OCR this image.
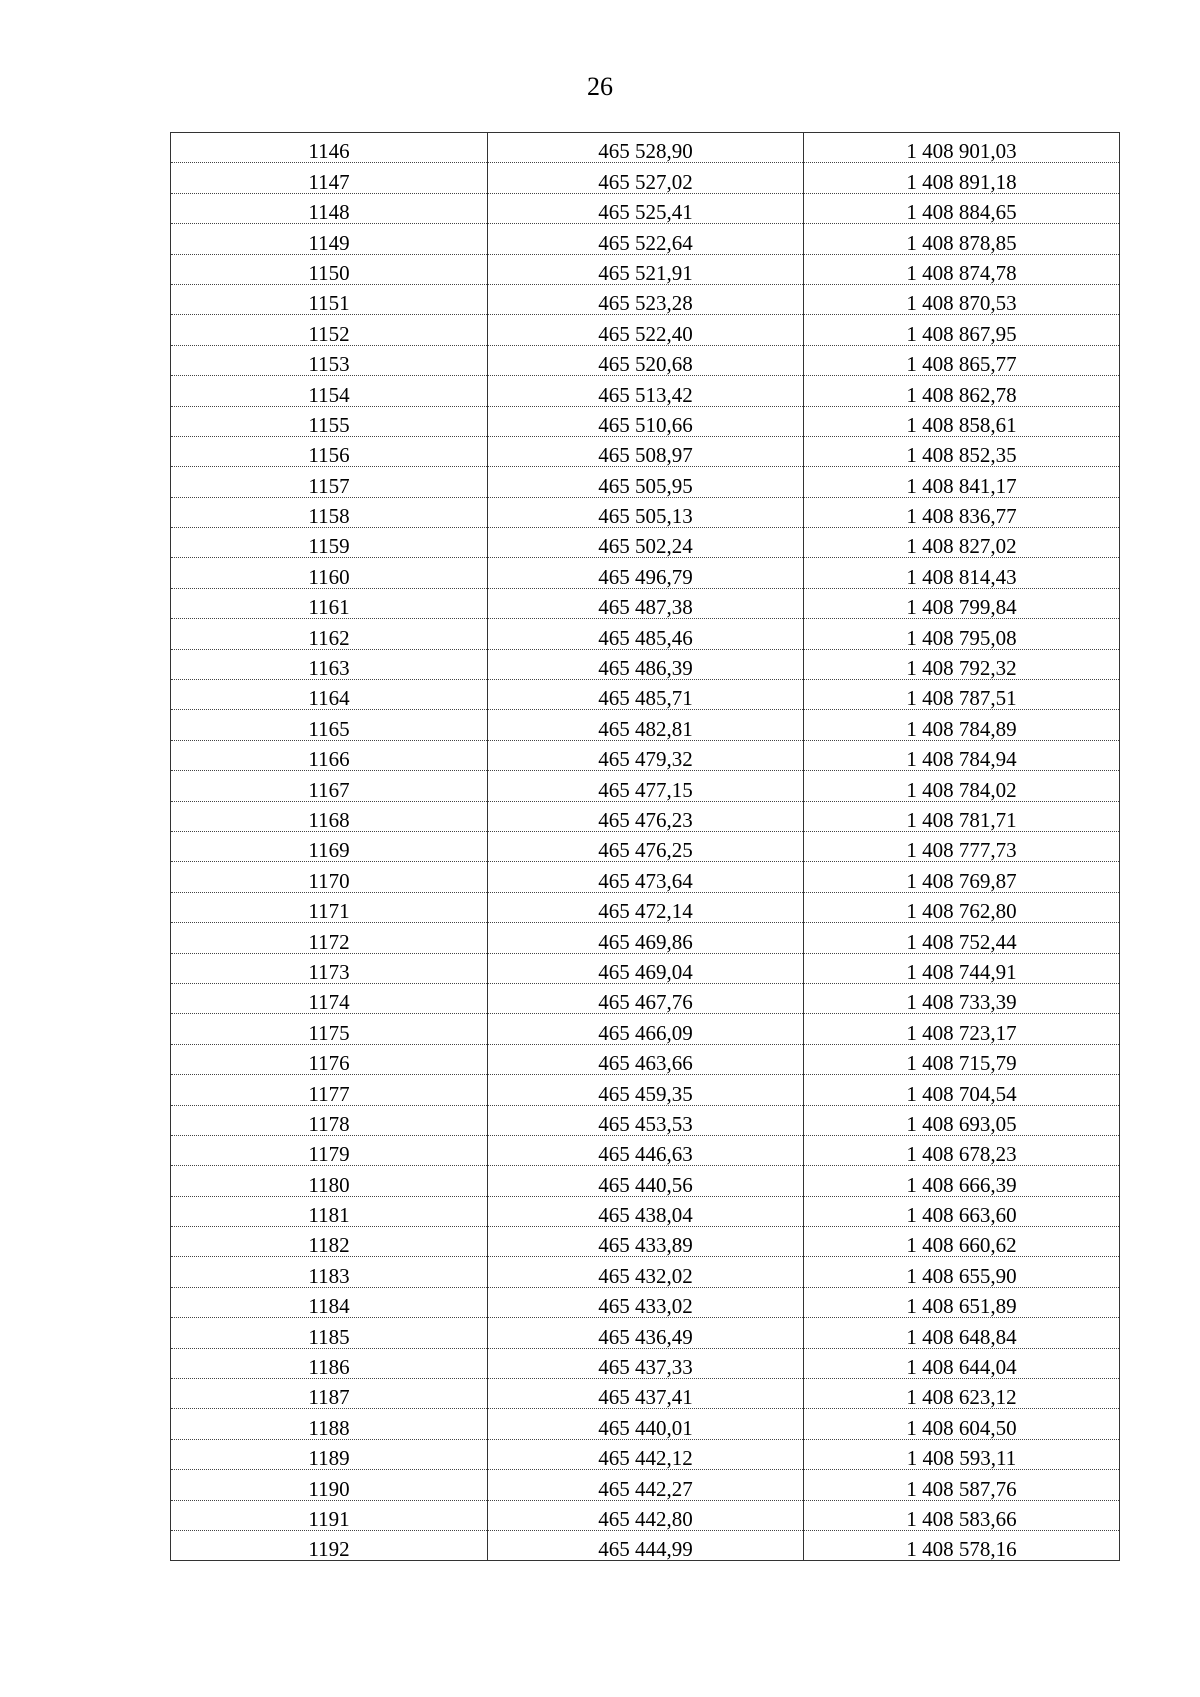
26
1146	465 528,90	1 408 901,03
1147	465 527,02	1 408 891,18
1148	465 525,41	1 408 884,65
1149	465 522,64	1 408 878,85
1150	465 521,91	1 408 874,78
1151	465 523,28	1 408 870,53
1152	465 522,40	1 408 867,95
1153	465 520,68	1 408 865,77
1154	465 513,42	1 408 862,78
1155	465 510,66	1 408 858,61
1156	465 508,97	1 408 852,35
1157	465 505,95	1 408 841,17
1158	465 505,13	1 408 836,77
1159	465 502,24	1 408 827,02
1160	465 496,79	1 408 814,43
1161	465 487,38	1 408 799,84
1162	465 485,46	1 408 795,08
1163	465 486,39	1 408 792,32
1164	465 485,71	1 408 787,51
1165	465 482,81	1 408 784,89
1166	465 479,32	1 408 784,94
1167	465 477,15	1 408 784,02
1168	465 476,23	1 408 781,71
1169	465 476,25	1 408 777,73
1170	465 473,64	1 408 769,87
1171	465 472,14	1 408 762,80
1172	465 469,86	1 408 752,44
1173	465 469,04	1 408 744,91
1174	465 467,76	1 408 733,39
1175	465 466,09	1 408 723,17
1176	465 463,66	1 408 715,79
1177	465 459,35	1 408 704,54
1178	465 453,53	1 408 693,05
1179	465 446,63	1 408 678,23
1180	465 440,56	1 408 666,39
1181	465 438,04	1 408 663,60
1182	465 433,89	1 408 660,62
1183	465 432,02	1 408 655,90
1184	465 433,02	1 408 651,89
1185	465 436,49	1 408 648,84
1186	465 437,33	1 408 644,04
1187	465 437,41	1 408 623,12
1188	465 440,01	1 408 604,50
1189	465 442,12	1 408 593,11
1190	465 442,27	1 408 587,76
1191	465 442,80	1 408 583,66
1192	465 444,99	1 408 578,16
